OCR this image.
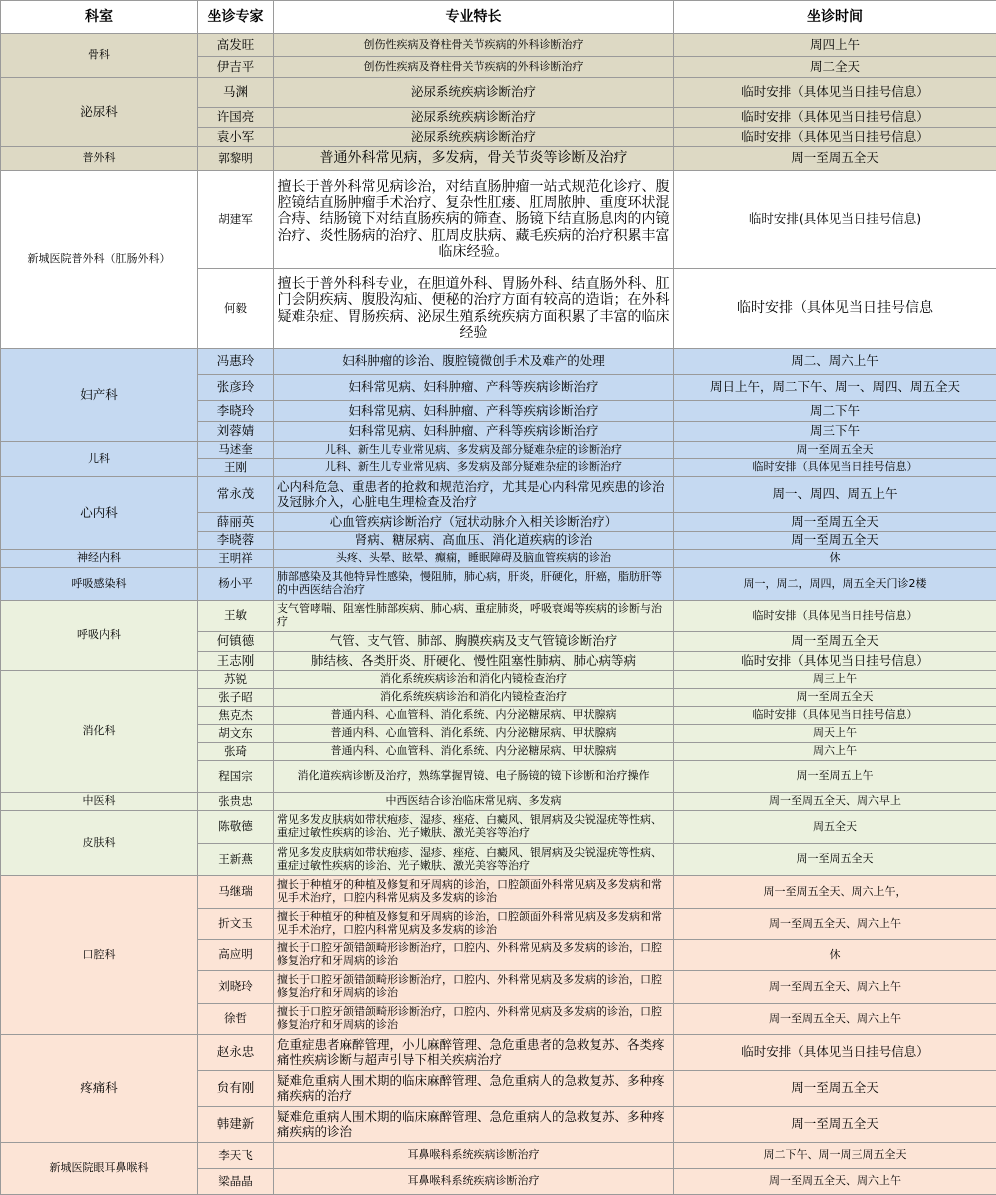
科室	坐诊专家	专业特长	坐诊时间
骨科	高发旺	创伤性疾病及脊柱骨关节疾病的外科诊断治疗	周四上午
	伊吉平	创伤性疾病及脊柱骨关节疾病的外科诊断治疗	周二全天
泌尿科	马渊	泌尿系统疾病诊断治疗	临时安排（具体见当日挂号信息）
	许国亮	泌尿系统疾病诊断治疗	临时安排（具体见当日挂号信息）
	袁小军	泌尿系统疾病诊断治疗	临时安排（具体见当日挂号信息）
普外科	郭黎明	普通外科常见病，多发病，骨关节炎等诊断及治疗	周一至周五全天
新城医院普外科（肛肠外科）	胡建军	擅长于普外科常见病诊治，对结直肠肿瘤一站式规范化诊疗、腹腔镜结直肠肿瘤手术治疗、复杂性肛瘘、肛周脓肿、重度环状混合痔、结肠镜下对结直肠疾病的筛查、肠镜下结直肠息肉的内镜治疗、炎性肠病的治疗、肛周皮肤病、藏毛疾病的治疗积累丰富临床经验。	临时安排(具体见当日挂号信息)
	何毅	擅长于普外科科专业，在胆道外科、胃肠外科、结直肠外科、肛门会阴疾病、腹股沟疝、便秘的治疗方面有较高的造诣；在外科疑难杂症、胃肠疾病、泌尿生殖系统疾病方面积累了丰富的临床经验	临时安排（具体见当日挂号信息
妇产科	冯惠玲	妇科肿瘤的诊治、腹腔镜微创手术及难产的处理	周二、周六上午
	张彦玲	妇科常见病、妇科肿瘤、产科等疾病诊断治疗	周日上午，周二下午、周一、周四、周五全天
	李晓玲	妇科常见病、妇科肿瘤、产科等疾病诊断治疗	周二下午
	刘蓉婧	妇科常见病、妇科肿瘤、产科等疾病诊断治疗	周三下午
儿科	马述奎	儿科、新生儿专业常见病、多发病及部分疑难杂症的诊断治疗	周一至周五全天
	王刚	儿科、新生儿专业常见病、多发病及部分疑难杂症的诊断治疗	临时安排（具体见当日挂号信息）
心内科	常永茂	心内科危急、重患者的抢救和规范治疗，尤其是心内科常见疾患的诊治及冠脉介入，心脏电生理检查及治疗	周一、周四、周五上午
	薛丽英	心血管疾病诊断治疗（冠状动脉介入相关诊断治疗）	周一至周五全天
	李晓蓉	肾病、糖尿病、高血压、消化道疾病的诊治	周一至周五全天
神经内科	王明祥	头疼、头晕、眩晕、癫痫，睡眠障碍及脑血管疾病的诊治	休
呼吸感染科	杨小平	肺部感染及其他特异性感染，慢阻肺，肺心病，肝炎，肝硬化，肝癌，脂肪肝等的中西医结合治疗	周一，周二，周四，周五全天门诊2楼
呼吸内科	王敏	支气管哮喘、阻塞性肺部疾病、肺心病、重症肺炎，呼吸衰竭等疾病的诊断与治疗	临时安排（具体见当日挂号信息）
	何镇德	气管、支气管、肺部、胸膜疾病及支气管镜诊断治疗	周一至周五全天
	王志刚	肺结核、各类肝炎、肝硬化、慢性阻塞性肺病、肺心病等病	临时安排（具体见当日挂号信息）
消化科	苏锐	消化系统疾病诊治和消化内镜检查治疗	周三上午
	张子昭	消化系统疾病诊治和消化内镜检查治疗	周一至周五全天
	焦克杰	普通内科、心血管科、消化系统、内分泌糖尿病、甲状腺病	临时安排（具体见当日挂号信息）
	胡文东	普通内科、心血管科、消化系统、内分泌糖尿病、甲状腺病	周天上午
	张琦	普通内科、心血管科、消化系统、内分泌糖尿病、甲状腺病	周六上午
	程国宗	消化道疾病诊断及治疗，熟练掌握胃镜、电子肠镜的镜下诊断和治疗操作	周一至周五上午
中医科	张贵忠	中西医结合诊治临床常见病、多发病	周一至周五全天、周六早上
皮肤科	陈敬德	常见多发皮肤病如带状疱疹、湿疹、痤疮、白癜风、银屑病及尖锐湿疣等性病、重症过敏性疾病的诊治、光子嫩肤、激光美容等治疗	周五全天
	王新燕	常见多发皮肤病如带状疱疹、湿疹、痤疮、白癜风、银屑病及尖锐湿疣等性病、重症过敏性疾病的诊治、光子嫩肤、激光美容等治疗	周一至周五全天
口腔科	马继瑞	擅长于种植牙的种植及修复和牙周病的诊治，口腔颌面外科常见病及多发病和常见手术治疗，口腔内科常见病及多发病的诊治	周一至周五全天、周六上午，
	折文玉	擅长于种植牙的种植及修复和牙周病的诊治，口腔颌面外科常见病及多发病和常见手术治疗，口腔内科常见病及多发病的诊治	周一至周五全天、周六上午
	高应明	擅长于口腔牙颌错颌畸形诊断治疗，口腔内、外科常见病及多发病的诊治，口腔修复治疗和牙周病的诊治	休
	刘晓玲	擅长于口腔牙颌错颌畸形诊断治疗，口腔内、外科常见病及多发病的诊治，口腔修复治疗和牙周病的诊治	周一至周五全天、周六上午
	徐哲	擅长于口腔牙颌错颌畸形诊断治疗，口腔内、外科常见病及多发病的诊治，口腔修复治疗和牙周病的诊治	周一至周五全天、周六上午
疼痛科	赵永忠	危重症患者麻醉管理，小儿麻醉管理、急危重患者的急救复苏、各类疼痛性疾病诊断与超声引导下相关疾病治疗	临时安排（具体见当日挂号信息）
	贠有刚	疑难危重病人围术期的临床麻醉管理、急危重病人的急救复苏、多种疼痛疾病的治疗	周一至周五全天
	韩建新	疑难危重病人围术期的临床麻醉管理、急危重病人的急救复苏、多种疼痛疾病的诊治	周一至周五全天
新城医院眼耳鼻喉科	李天飞	耳鼻喉科系统疾病诊断治疗	周二下午、周一周三周五全天
	梁晶晶	耳鼻喉科系统疾病诊断治疗	周一至周五全天、周六上午
